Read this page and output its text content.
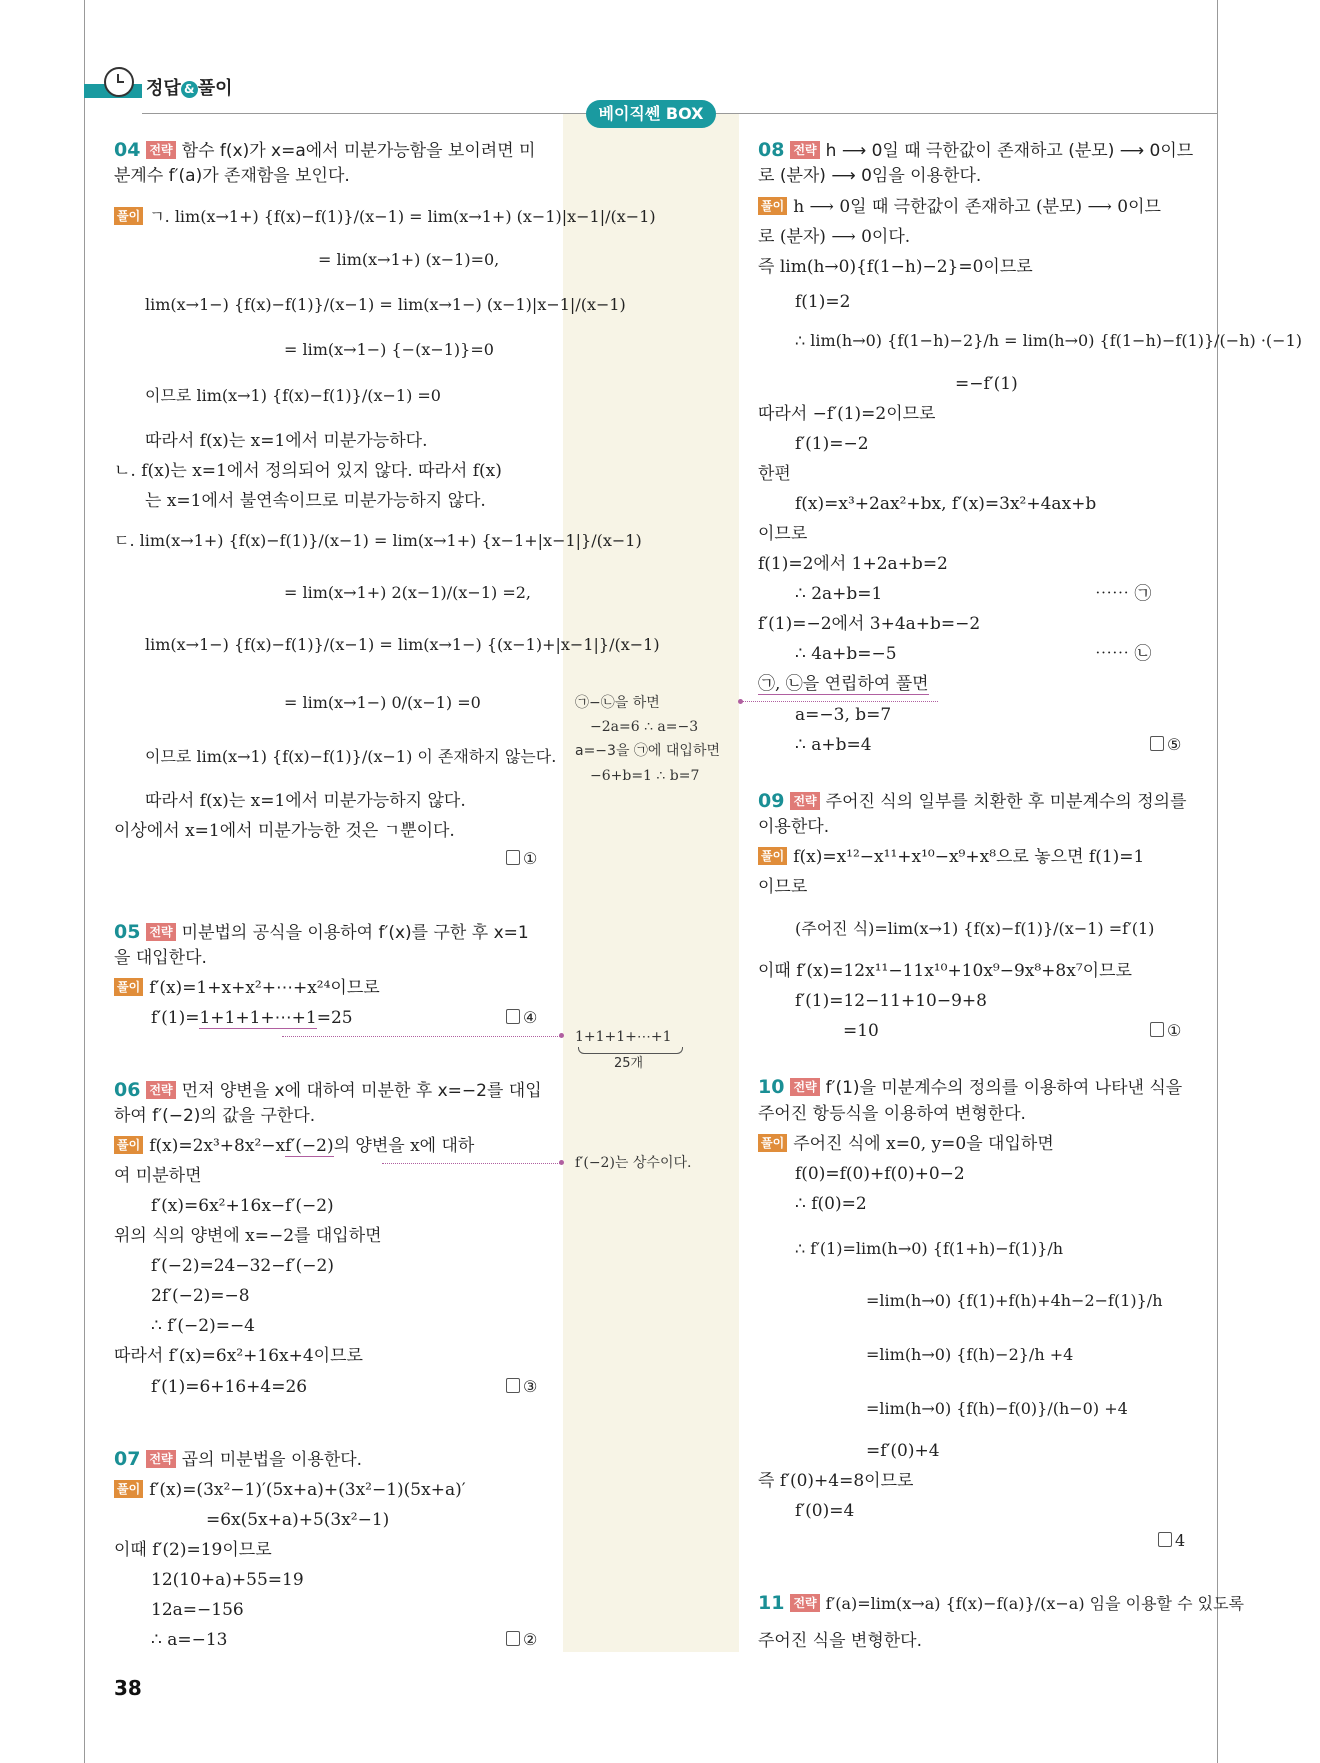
정답 & 풀이
베이직쎈 BOX
04 전략 함수 f(x)가 x=a에서 미분가능함을 보이려면 미
분계수 f′(a)가 존재함을 보인다.
풀이 ㄱ. lim(x→1+) {f(x)−f(1)}/(x−1) = lim(x→1+) (x−1)|x−1|/(x−1)
= lim(x→1+) (x−1)=0,
lim(x→1−) {f(x)−f(1)}/(x−1) = lim(x→1−) (x−1)|x−1|/(x−1)
= lim(x→1−) {−(x−1)}=0
이므로 lim(x→1) {f(x)−f(1)}/(x−1) =0
따라서 f(x)는 x=1에서 미분가능하다.
ㄴ. f(x)는 x=1에서 정의되어 있지 않다. 따라서 f(x)
는 x=1에서 불연속이므로 미분가능하지 않다.
ㄷ. lim(x→1+) {f(x)−f(1)}/(x−1) = lim(x→1+) {x−1+|x−1|}/(x−1)
= lim(x→1+) 2(x−1)/(x−1) =2,
lim(x→1−) {f(x)−f(1)}/(x−1) = lim(x→1−) {(x−1)+|x−1|}/(x−1)
= lim(x→1−) 0/(x−1) =0
이므로 lim(x→1) {f(x)−f(1)}/(x−1) 이 존재하지 않는다.
따라서 f(x)는 x=1에서 미분가능하지 않다.
이상에서 x=1에서 미분가능한 것은 ㄱ뿐이다.
①
05 전략 미분법의 공식을 이용하여 f′(x)를 구한 후 x=1
을 대입한다.
풀이 f′(x)=1+x+x²+⋯+x²⁴이므로
f′(1)=1+1+1+⋯+1=25	④
06 전략 먼저 양변을 x에 대하여 미분한 후 x=−2를 대입
하여 f′(−2)의 값을 구한다.
풀이 f(x)=2x³+8x²−xf′(−2)의 양변을 x에 대하
여 미분하면
f′(x)=6x²+16x−f′(−2)
위의 식의 양변에 x=−2를 대입하면
f′(−2)=24−32−f′(−2)
2f′(−2)=−8
∴ f′(−2)=−4
따라서 f′(x)=6x²+16x+4이므로
f′(1)=6+16+4=26	③
07 전략 곱의 미분법을 이용한다.
풀이 f′(x)=(3x²−1)′(5x+a)+(3x²−1)(5x+a)′
=6x(5x+a)+5(3x²−1)
이때 f′(2)=19이므로
12(10+a)+55=19
12a=−156
∴ a=−13	②
38
㉠−㉡을 하면
−2a=6 ∴ a=−3
a=−3을 ㉠에 대입하면
−6+b=1 ∴ b=7
1+1+1+⋯+1
25개
f′(−2)는 상수이다.
08 전략 h ⟶ 0일 때 극한값이 존재하고 (분모) ⟶ 0이므
로 (분자) ⟶ 0임을 이용한다.
풀이 h ⟶ 0일 때 극한값이 존재하고 (분모) ⟶ 0이므
로 (분자) ⟶ 0이다.
즉 lim(h→0){f(1−h)−2}=0이므로
f(1)=2
∴ lim(h→0) {f(1−h)−2}/h = lim(h→0) {f(1−h)−f(1)}/(−h) ·(−1)
=−f′(1)
따라서 −f′(1)=2이므로
f′(1)=−2
한편
f(x)=x³+2ax²+bx, f′(x)=3x²+4ax+b
이므로
f(1)=2에서 1+2a+b=2
∴ 2a+b=1	⋯⋯ ㉠
f′(1)=−2에서 3+4a+b=−2
∴ 4a+b=−5	⋯⋯ ㉡
㉠, ㉡을 연립하여 풀면
a=−3, b=7
∴ a+b=4	⑤
09 전략 주어진 식의 일부를 치환한 후 미분계수의 정의를
이용한다.
풀이 f(x)=x¹²−x¹¹+x¹⁰−x⁹+x⁸으로 놓으면 f(1)=1
이므로
(주어진 식)=lim(x→1) {f(x)−f(1)}/(x−1) =f′(1)
이때 f′(x)=12x¹¹−11x¹⁰+10x⁹−9x⁸+8x⁷이므로
f′(1)=12−11+10−9+8
=10	①
10 전략 f′(1)을 미분계수의 정의를 이용하여 나타낸 식을
주어진 항등식을 이용하여 변형한다.
풀이 주어진 식에 x=0, y=0을 대입하면
f(0)=f(0)+f(0)+0−2
∴ f(0)=2
∴ f′(1)=lim(h→0) {f(1+h)−f(1)}/h
=lim(h→0) {f(1)+f(h)+4h−2−f(1)}/h
=lim(h→0) {f(h)−2}/h +4
=lim(h→0) {f(h)−f(0)}/(h−0) +4
=f′(0)+4
즉 f′(0)+4=8이므로
f′(0)=4
4
11 전략 f′(a)=lim(x→a) {f(x)−f(a)}/(x−a) 임을 이용할 수 있도록
주어진 식을 변형한다.
